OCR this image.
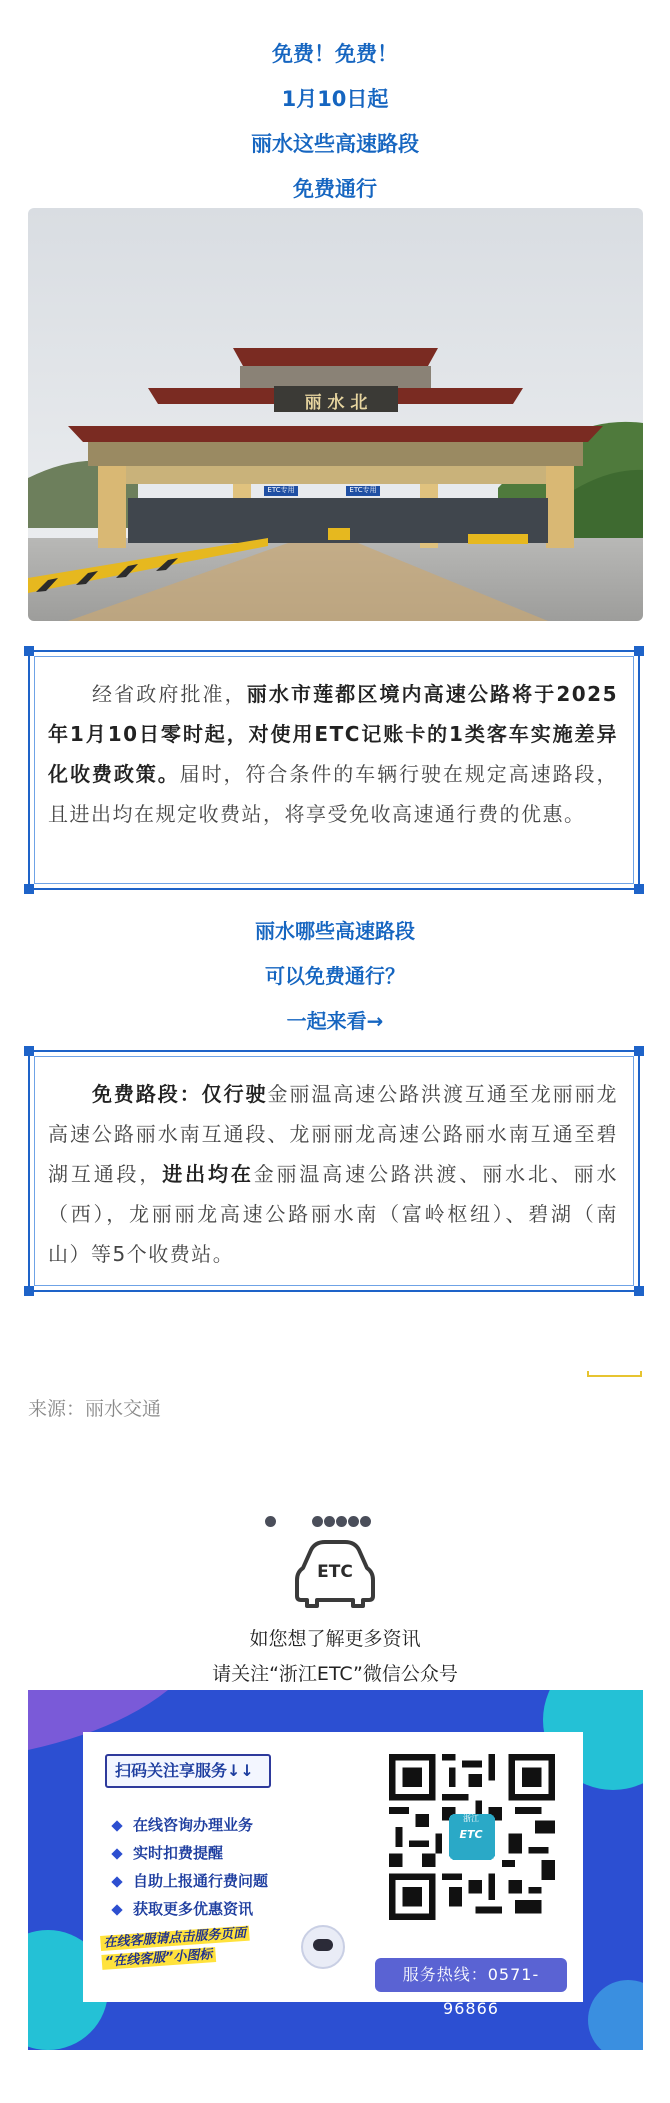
免费！免费！
1月10日起
丽水这些高速路段
免费通行
丽 水 北
ETC专用	ETC专用
经省政府批准，丽水市莲都区境内高速公路将于2025年1月10日零时起，对使用ETC记账卡的1类客车实施差异化收费政策。届时，符合条件的车辆行驶在规定高速路段，且进出均在规定收费站，将享受免收高速通行费的优惠。
丽水哪些高速路段
可以免费通行？
一起来看→
免费路段：仅行驶金丽温高速公路洪渡互通至龙丽丽龙高速公路丽水南互通段、龙丽丽龙高速公路丽水南互通至碧湖互通段，进出均在金丽温高速公路洪渡、丽水北、丽水（西），龙丽丽龙高速公路丽水南（富岭枢纽）、碧湖（南山）等5个收费站。
来源：丽水交通
ETC
如您想了解更多资讯
请关注“浙江ETC”微信公众号
扫码关注享服务↓↓
在线咨询办理业务
实时扣费提醒
自助上报通行费问题
获取更多优惠资讯
在线客服请点击服务页面
“在线客服”小图标
浙江
ETC
服务热线：0571-96866
